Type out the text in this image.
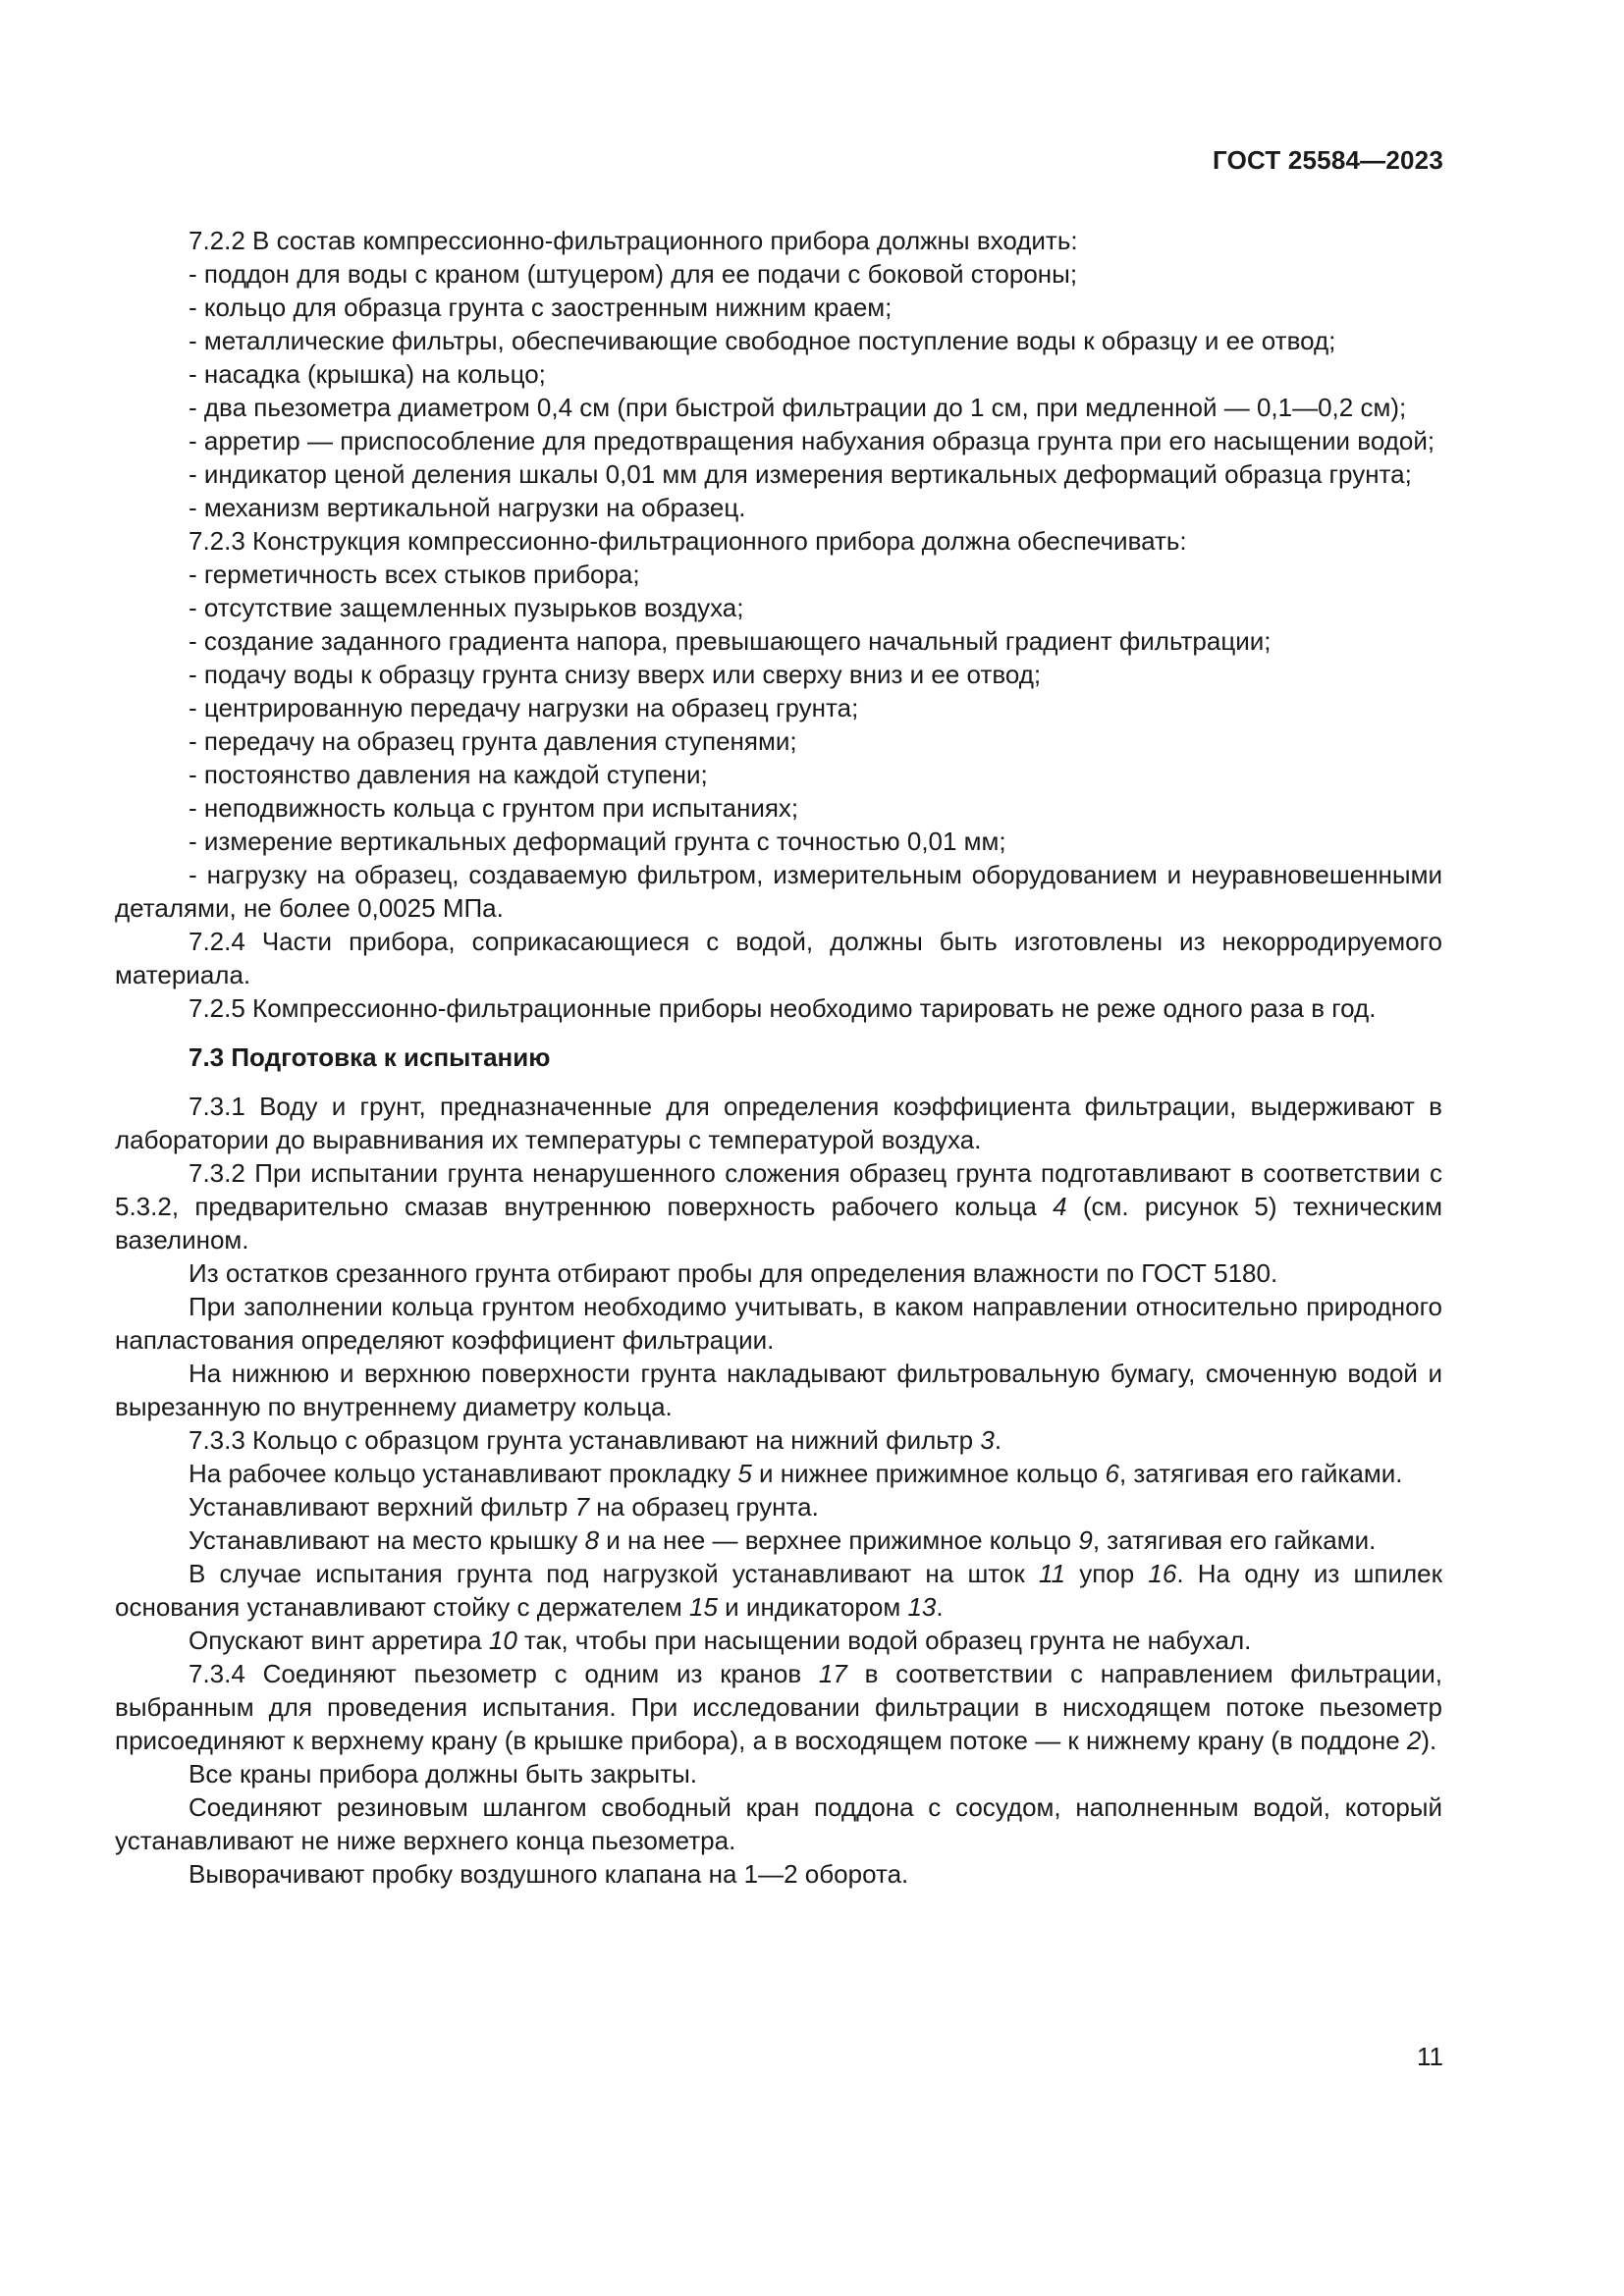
ГОСТ 25584—2023

7.2.2 В состав компрессионно-фильтрационного прибора должны входить:

- поддон для воды с краном (штуцером) для ее подачи с боковой стороны;

- кольцо для образца грунта с заостренным нижним краем;

- металлические фильтры, обеспечивающие свободное поступление воды к образцу и ее отвод;

- насадка (крышка) на кольцо;

- два пьезометра диаметром 0,4 см (при быстрой фильтрации до 1 см, при медленной — 0,1—0,2 см);

- арретир — приспособление для предотвращения набухания образца грунта при его насыщении водой;

- индикатор ценой деления шкалы 0,01 мм для измерения вертикальных деформаций образца грунта;

- механизм вертикальной нагрузки на образец.

7.2.3 Конструкция компрессионно-фильтрационного прибора должна обеспечивать:

- герметичность всех стыков прибора;

- отсутствие защемленных пузырьков воздуха;

- создание заданного градиента напора, превышающего начальный градиент фильтрации;

- подачу воды к образцу грунта снизу вверх или сверху вниз и ее отвод;

- центрированную передачу нагрузки на образец грунта;

- передачу на образец грунта давления ступенями;

- постоянство давления на каждой ступени;

- неподвижность кольца с грунтом при испытаниях;

- измерение вертикальных деформаций грунта с точностью 0,01 мм;

- нагрузку на образец, создаваемую фильтром, измерительным оборудованием и неуравновешенными деталями, не более 0,0025 МПа.

7.2.4 Части прибора, соприкасающиеся с водой, должны быть изготовлены из некорродируемого материала.

7.2.5 Компрессионно-фильтрационные приборы необходимо тарировать не реже одного раза в год.

7.3 Подготовка к испытанию

7.3.1 Воду и грунт, предназначенные для определения коэффициента фильтрации, выдерживают в лаборатории до выравнивания их температуры с температурой воздуха.

7.3.2 При испытании грунта ненарушенного сложения образец грунта подготавливают в соответствии с 5.3.2, предварительно смазав внутреннюю поверхность рабочего кольца 4 (см. рисунок 5) техническим вазелином.

Из остатков срезанного грунта отбирают пробы для определения влажности по ГОСТ 5180.

При заполнении кольца грунтом необходимо учитывать, в каком направлении относительно природного напластования определяют коэффициент фильтрации.

На нижнюю и верхнюю поверхности грунта накладывают фильтровальную бумагу, смоченную водой и вырезанную по внутреннему диаметру кольца.

7.3.3 Кольцо с образцом грунта устанавливают на нижний фильтр 3.

На рабочее кольцо устанавливают прокладку 5 и нижнее прижимное кольцо 6, затягивая его гайками.

Устанавливают верхний фильтр 7 на образец грунта.

Устанавливают на место крышку 8 и на нее — верхнее прижимное кольцо 9, затягивая его гайками.

В случае испытания грунта под нагрузкой устанавливают на шток 11 упор 16. На одну из шпилек основания устанавливают стойку с держателем 15 и индикатором 13.

Опускают винт арретира 10 так, чтобы при насыщении водой образец грунта не набухал.

7.3.4 Соединяют пьезометр с одним из кранов 17 в соответствии с направлением фильтрации, выбранным для проведения испытания. При исследовании фильтрации в нисходящем потоке пьезометр присоединяют к верхнему крану (в крышке прибора), а в восходящем потоке — к нижнему крану (в поддоне 2).

Все краны прибора должны быть закрыты.

Соединяют резиновым шлангом свободный кран поддона с сосудом, наполненным водой, который устанавливают не ниже верхнего конца пьезометра.

Выворачивают пробку воздушного клапана на 1—2 оборота.

11
